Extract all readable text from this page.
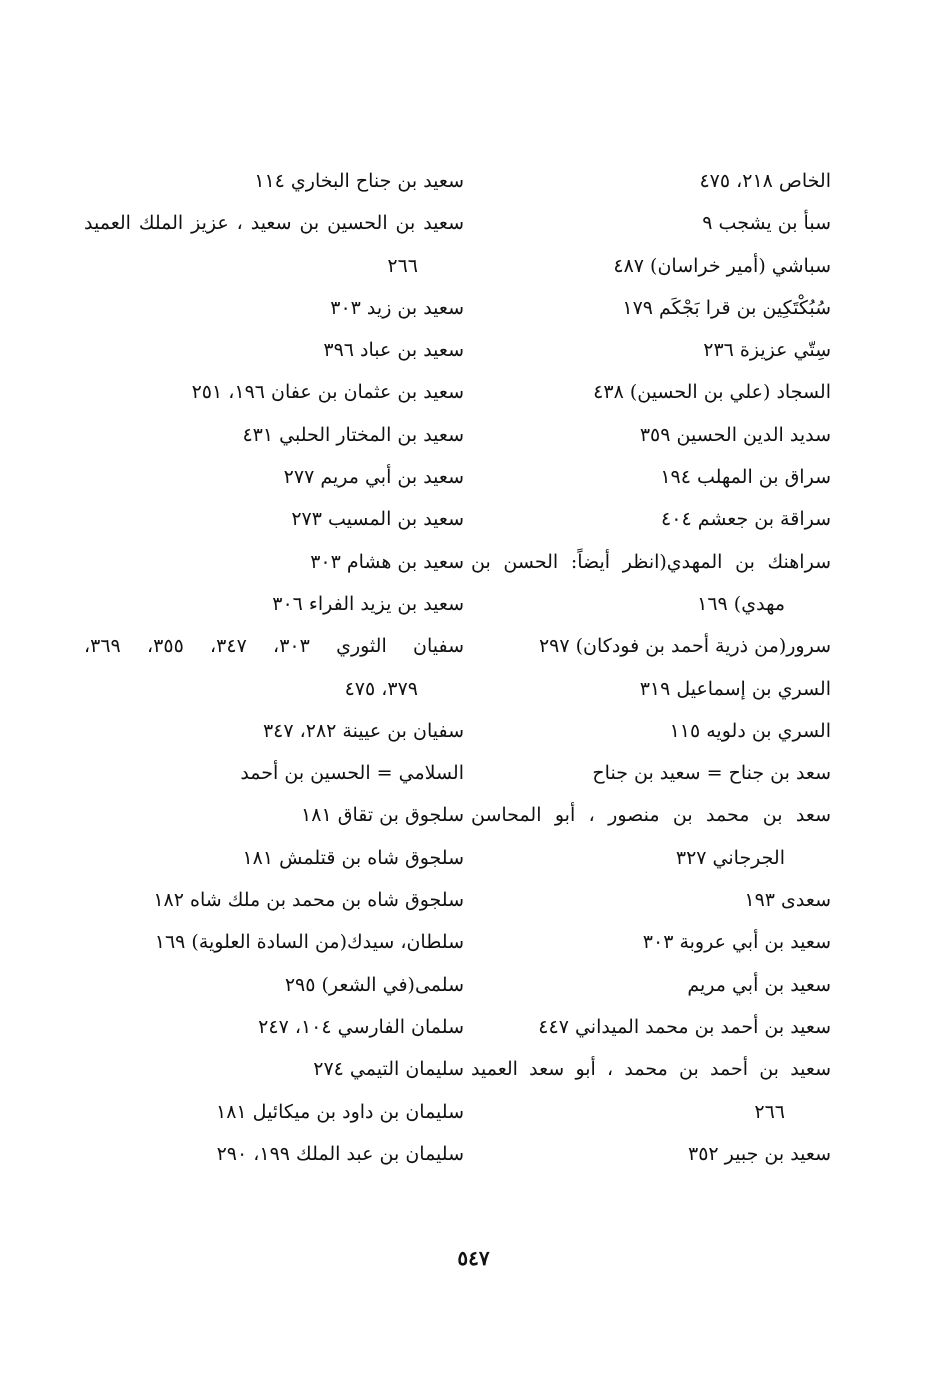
الخاص ٢١٨، ٤٧٥
سبأ بن يشجب ٩
سباشي (أمير خراسان) ٤٨٧
سُبُكْتَكِين بن قرا بَجْكَم ١٧٩
سِتّي عزيزة ٢٣٦
السجاد (علي بن الحسين) ٤٣٨
سديد الدين الحسين ٣٥٩
سراق بن المهلب ١٩٤
سراقة بن جعشم ٤٠٤
سراهنك بن المهدي(انظر أيضاً: الحسن بن
مهدي) ١٦٩
سرور(من ذرية أحمد بن فودكان) ٢٩٧
السري بن إسماعيل ٣١٩
السري بن دلويه ١١٥
سعد بن جناح = سعيد بن جناح
سعد بن محمد بن منصور ، أبو المحاسن
الجرجاني ٣٢٧
سعدى ١٩٣
سعيد بن أبي عروبة ٣٠٣
سعيد بن أبي مريم
سعيد بن أحمد بن محمد الميداني ٤٤٧
سعيد بن أحمد بن محمد ، أبو سعد العميد
٢٦٦
سعيد بن جبير ٣٥٢
سعيد بن جناح البخاري ١١٤
سعيد بن الحسين بن سعيد ، عزيز الملك العميد
٢٦٦
سعيد بن زيد ٣٠٣
سعيد بن عباد ٣٩٦
سعيد بن عثمان بن عفان ١٩٦، ٢٥١
سعيد بن المختار الحلبي ٤٣١
سعيد بن أبي مريم ٢٧٧
سعيد بن المسيب ٢٧٣
سعيد بن هشام ٣٠٣
سعيد بن يزيد الفراء ٣٠٦
سفيان الثوري ٣٠٣، ٣٤٧، ٣٥٥، ٣٦٩،
٣٧٩، ٤٧٥
سفيان بن عيينة ٢٨٢، ٣٤٧
السلامي = الحسين بن أحمد
سلجوق بن تقاق ١٨١
سلجوق شاه بن قتلمش ١٨١
سلجوق شاه بن محمد بن ملك شاه ١٨٢
سلطان، سيدك(من السادة العلوية) ١٦٩
سلمى(في الشعر) ٢٩٥
سلمان الفارسي ١٠٤، ٢٤٧
سليمان التيمي ٢٧٤
سليمان بن داود بن ميكائيل ١٨١
سليمان بن عبد الملك ١٩٩، ٢٩٠
٥٤٧
